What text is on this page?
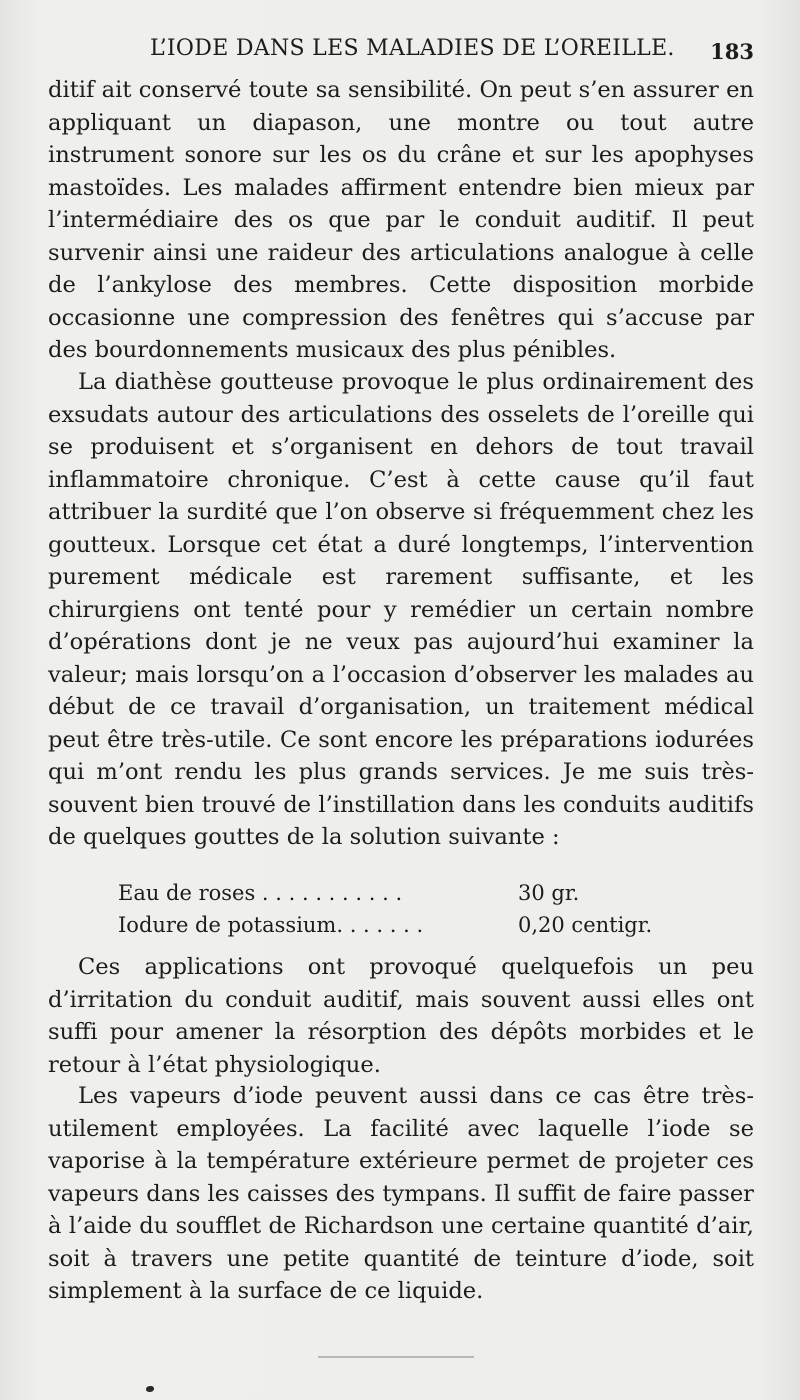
L’IODE DANS LES MALADIES DE L’OREILLE. 183

ditif ait conservé toute sa sensibilité. On peut s’en assurer en appliquant un diapason, une montre ou tout autre instrument sonore sur les os du crâne et sur les apophyses mastoïdes. Les malades affirment entendre bien mieux par l’intermédiaire des os que par le conduit auditif. Il peut survenir ainsi une raideur des articulations analogue à celle de l’ankylose des membres. Cette disposition morbide occasionne une compression des fenêtres qui s’accuse par des bourdonnements musicaux des plus pénibles.

La diathèse goutteuse provoque le plus ordinairement des exsudats autour des articulations des osselets de l’oreille qui se produisent et s’organisent en dehors de tout travail inflammatoire chronique. C’est à cette cause qu’il faut attribuer la surdité que l’on observe si fréquemment chez les goutteux. Lorsque cet état a duré longtemps, l’intervention purement médicale est rarement suffisante, et les chirurgiens ont tenté pour y remédier un certain nombre d’opérations dont je ne veux pas aujourd’hui examiner la valeur; mais lorsqu’on a l’occasion d’observer les malades au début de ce travail d’organisation, un traitement médical peut être très-utile. Ce sont encore les préparations iodurées qui m’ont rendu les plus grands services. Je me suis très-souvent bien trouvé de l’instillation dans les conduits auditifs de quelques gouttes de la solution suivante :

Eau de roses . . . . . . . . . . .	30 gr.
Iodure de potassium. . . . . . .	0,20 centigr.

Ces applications ont provoqué quelquefois un peu d’irritation du conduit auditif, mais souvent aussi elles ont suffi pour amener la résorption des dépôts morbides et le retour à l’état physiologique.

Les vapeurs d’iode peuvent aussi dans ce cas être très-utilement employées. La facilité avec laquelle l’iode se vaporise à la température extérieure permet de projeter ces vapeurs dans les caisses des tympans. Il suffit de faire passer à l’aide du soufflet de Richardson une certaine quantité d’air, soit à travers une petite quantité de teinture d’iode, soit simplement à la surface de ce liquide.
